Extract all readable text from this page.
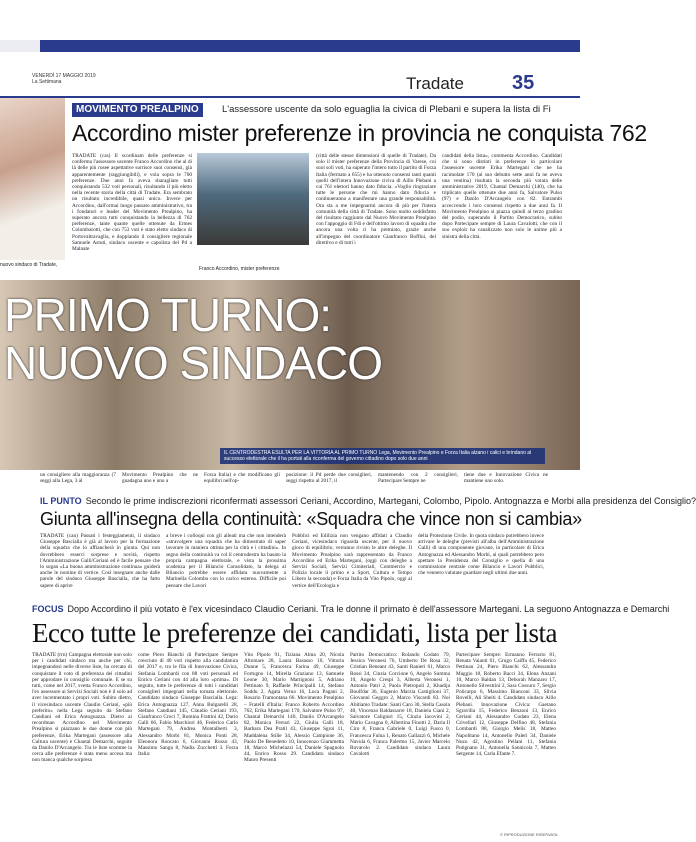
VENERDÌ 17 MAGGIO 2019
La Settimana	Tradate 35
nuovo sindaco di Tradate,
MOVIMENTO PREALPINO	L'assessore uscente da solo eguaglia la civica di Plebani e supera la lista di Fi
Accordino mister preferenze in provincia ne conquista 762
TRADATE (cas) Il scordinam delle preferenze si conferma l'assessore uscente Franco Accordino che al di là delle più rosee aspettative sorrisce suoi consensi, già apparentemente (raggiungibili), e vola sopra le 700 preferenze. Due anni fa aveva sbaragliato tutti conquistando 532 voti personali, risultando il più eletto nella recente storia della città di Tradate. Era sembrato un risultato incredibile, quasi unico. Invece per Accordino, dall'ormai lungo passato amministrativo, tra i fondatori e leader del Movimento Prealpino, ha superato ancora tutti conquistando la bellezza di 762 preferenze, tante quante quelle ottenute da Ermes Colombarotti, che con 753 voti è stato eletto sindaco di Portovaltravaglia, e doppiando il consigliere regionale Samuele Astuti, sindaco uscente e capolista del Pd a Malnate
Franco Accordino, mister preferenze
(città delle stesse dimensioni di quelle di Tradate). Da solo il mister preferenze della Provincia di Varese, coi suoi soli voti, ha superato l'intero tutto il partito di Forza Italia (fermato a 655) e ha ottenuto consensi tanti quanti quelli dell'intera Innovazione civica di Aillo Plebani a cui 761 elettori hanno dato fiducia. «Voglio ringraziare tutte le persone che mi hanno dato fiducia e continueranno a manifestare una grande responsabilità. Ora sta a me impegnarmi ancora di più per l'intera comunità della città di Tradate. Sono molto soddisfatto del risultato raggiunto dal Nuovo Movimento Prealpino con l'appoggio di Fdi e dell'ottimo lavoro di squadra che ancora una volta ci ha premiato, grazie anche all'impegno del coordinatore Gianfranco Boffini, del direttivo e di tutti i
candidati della lista», commenta Accordino. Candidati che si sono distinti in preferenze in particolare l'assessore uscente Erika Martegani che ne ha racimolate 170 (al suo debutto sette anni fa ne aveva una ventina) risultata la seconda più votata delle amministrative 2019, Chantal Demarchi (140), che ha triplicato quelle ottenute due anni fa, Salvatore Pulso (97) e Danilo D'Arcangelo con 82. Entrambi acceccendo i loro consensi rispetto a due anni fa. Il Movimento Prealpino si piazza quindi al terzo gradino del podio, superando il Partito Democratico, subito dopo Partecipare sempre di Laura Cavalotti, che con il suo exploit ha canalizzato non solo le anime più a sinistra della città.
PRIMO TURNO:
NUOVO SINDACO
IL CENTRODESTRA ESULTA PER LA VITTORIA AL PRIMO TURNO Lega, Movimento Prealpino e Forza Italia alzano i calici e brindano al successo elettorale che il ha portati alla riconferma del governo cittadino dopo solo due anni
un consigliere alla maggioranza (7 seggi alla Lega, 3 al
Movimento Prealpino che ne guadagna uno e uno a
Forza Italia) e che modificano gli equilibri nell'op-
posizione: il Pd perde due consiglieri, seggi rispetto al 2017, il
mantenendo con 2 consiglieri, Partecipare Sempre ne
tiene due e Innovazione Civica ne mantiene uno solo.
IL PUNTO Secondo le prime indiscrezioni riconfermati assessori Ceriani, Accordino, Martegani, Colombo, Pipolo. Antognazza e Morbi alla presidenza del Consiglio?
Giunta all'insegna della continuità: «Squadra che vince non si cambia»
TRADATE (can) Passati i festeggiamenti, il sindaco Giuseppe Bascialla è già al lavoro per la formazione della squadra che lo affiancherà in giunta. Qui non dovrebbero esserci sorprese e novità, rispetto l'Amministrazione Galli/Ceriani ed è facile pensare che lo sogan «La buona amministrazione continua» guiderà anche le nomine di vertice. Così insegnare anche dalle parole del sindaco Giuseppe Bascialla, che ha fatto sapere di aprire
a breve i colloqui con gli alleati ma che non intenderà «stravolgere una squadra che ha dimostrato di saper lavorare in maniera ottima per la città e i cittadini». In segno della continuità va col il centrodestra ha basato la propria campagna elettorale, e vista la prossima scadenza per il Bilancio Consolidato, la delega al Bilancio potrebbe essere affidata nuovamente a Marinella Colombo con lo carico esterno. Difficile poi pensare che Lavori
Pubblici ed Edilizia non vengano affidati a Claudio Ceriani, vicesindaco riguarda uscente, per il nuovo gioco di equilibrio, verranno rivisto le altre deleghe. Il Movimento Prealpino sarà rappresentato da Franco Accordino ed Erika Martegani, (oggi con deleghe a Servizi Sociali, Servizi Cimiteriali, Commercio e Polizia locale il primo e a Sport, Cultura e Tempo Libero la seconda) e Forza Italia da Vito Pipolo, oggi al vertice dell'Ecologia e
della Protezione Civile. In quota sindaco potrebbero invece arrivare le deleghe (previsti all'alba dell'Amministrazione Galli) di una componente giovane, in particolare di Erica Antognazza ed Alessandro Morbi, ai quali potrebbero pero spettare la Presidenza del Consiglio e quella di una commissione centrale come Bilancio e Lavori Pubblici, che vennero valutate guardare negli ultimi due anni.
FOCUS Dopo Accordino il più votato è l'ex vicesindaco Claudio Ceriani. Tra le donne il primato è dell'assessore Martegani. La seguono Antognazza e Demarchi
Ecco tutte le preferenze dei candidati, lista per lista
TRADATE (rrn) Campagna elettorale non solo per i candidati sindaco ma anche per chi, impegnandosi nelle diverse liste, ha cercato di conquistare il voto di preferenza dei cittadini per approdare in consiglio comunale. E se su tutti, come nel 2017, svetta Franco Accordino, l'ex assessore ai Servizi Sociali non è il solo ad aver incrementato i propri voti. Subito dietro, il vicesindaco uscente Claudio Ceriani, «più preferito» nella Lega seguito da Stefano Candiani ed Erica Antognazza. Dietro ai recordman Accordino nel Movimento Prealpino si piazzano le due donne con più preferenze, Erika Martegani (assessore alla Cultura uscente) e Chantal Demarchi, seguite da Danilo D'Arcangelo. Tra le liste scomme la cerca alle preferenze è stata meno accesa ma non manca qualche sorpresa
come Piero Bianchi di Partecipare Sempre cresciuto di 40 voti rispetto alla candidatura del 2017 e, tra le fila di Innovazione Civica, Stefania Lombardi con 88 voti personali ed Enrico Ceriani con 44 alla loro «prima». Di seguito, tutte le preferenze di tutti i candidati consiglieri impegnati nella tornata elettorale. Candidato sindaco Giuseppe Bascialla. Lega: Erica Antognazza 127, Anna Bulgarelli 28, Stefano Candiani 145, Claudio Ceriani 193, Gianfranco Croci 7, Romina Frattini 42, Dario Galli 66, Fabio Marchiori 46, Federico Carlo Martegani 79, Andrea Montalberti 3, Alessandro Morbi 81, Monica Ponti 28, Eleonora Roncato 6, Giovanni Russo 43, Massimo Sangu 8, Nadia Zucchetti 3. Forza Italia:
Vito Pipolo 91, Tiziana Alma 20, Nicola Altomare 28, Laura Basasso 10, Vittoria Dunne 5, Francesca Farina 49, Giuseppe Fortugno 14, Mirella Graziano 13, Samuele Leone 30, Mario Martignoni 5, Adriano Pettinato 9, Raffaele Principalli 14, Stefano Soddu 2, Agata Verna 16, Luca Pagani 2, Rosario Tramontana 66. Movimento Prealpino – Fratelli d'Italia: Franco Roberto Accordino 762, Erika Martegani 170, Salvatore Pulso 97, Chantal Demarchi 140, Danilo D'Arcangelo 82, Monica Ferrari 22, Giulia Galli 18, Barbara Dea Pratil 43, Giuseppe Sgroi 11, Maddalena Stille 34, Alessio Campione 36, Paolo De Benedetto 10, Innocenzo Giammetta 18, Marco Michelazzi 54, Daniele Spagnolo 44, Enrico Rosso 29. Candidato sindaco Mauro Presenti
Partito Democratico: Rolando Codato 79, Jessica Veronesi 76, Umberto De Rosa 32, Cristian Beneant 43, Santi Ranieri 61, Marco Rossi 34, Cinzia Corcione 6, Angelo Summa 10, Angelo Crespi 3, Alberta Veronesi 1, Antonio Patri 2, Paola Pietropoli 2, Khadija Boulfdar 36, Eugenio Marzia Castiglioni 37, Giovanni Geggro 2, Marco Viscardi 83. Noi Abitiamo Tradate: Santi Caro 30, Stella Casola 40, Vincenzo Baldassarre 18, Daniela Ciani 2, Salvatore Caligiuri 15, Cinzia Iacovini 2, Mario Cavagna 0, Albertina Finotti 2, Daria Il Ciro 8, Franca Gabriele 0, Luigi Fusco 0, Francesca Fulna 1, Renato Gallazzi 6, Michele Navula 6, Franca Palermo 15, Javier Marcelo Ruvarolo 2. Candidato sindaco Laura Cavalotti
Partecipare Sempre: Ermanno Ferrario 81, Renata Vaianti 61, Grugo Caiffa 45, Federico Pettinau 24, Piero Bianchi 62, Alessandra Maggio 18, Roberto Bacci 34, Elena Anzani 10, Marco Baldan 13, Deborah Manzaro 17, Antonello Silvestrini 2, Sara Cossuro 7, Sergio Policarpo 6, Massimo Bianconi 33, Silvia Rovelli, Ali Sheiti 4. Candidato sindaco Aillo Plebani. Innovazione Civica: Gaetano Sgravilla 15, Federico Benzoni 13, Enrico Ceriani 44, Alessandro Codato 23, Elena Crivellari 12, Giuseppe Delfino 48, Stefania Lombardi 88, Giorgio Melis 18, Matteo Napolitano 14, Antonello Paleri 34, Daniele Nuzo 42, Agostino Pellani 11, Stefania Putignano 31, Antonella Sannicola 7, Matteo Sergente 14, Carla Efante 7.
© RIPRODUZIONE RISERVATA
